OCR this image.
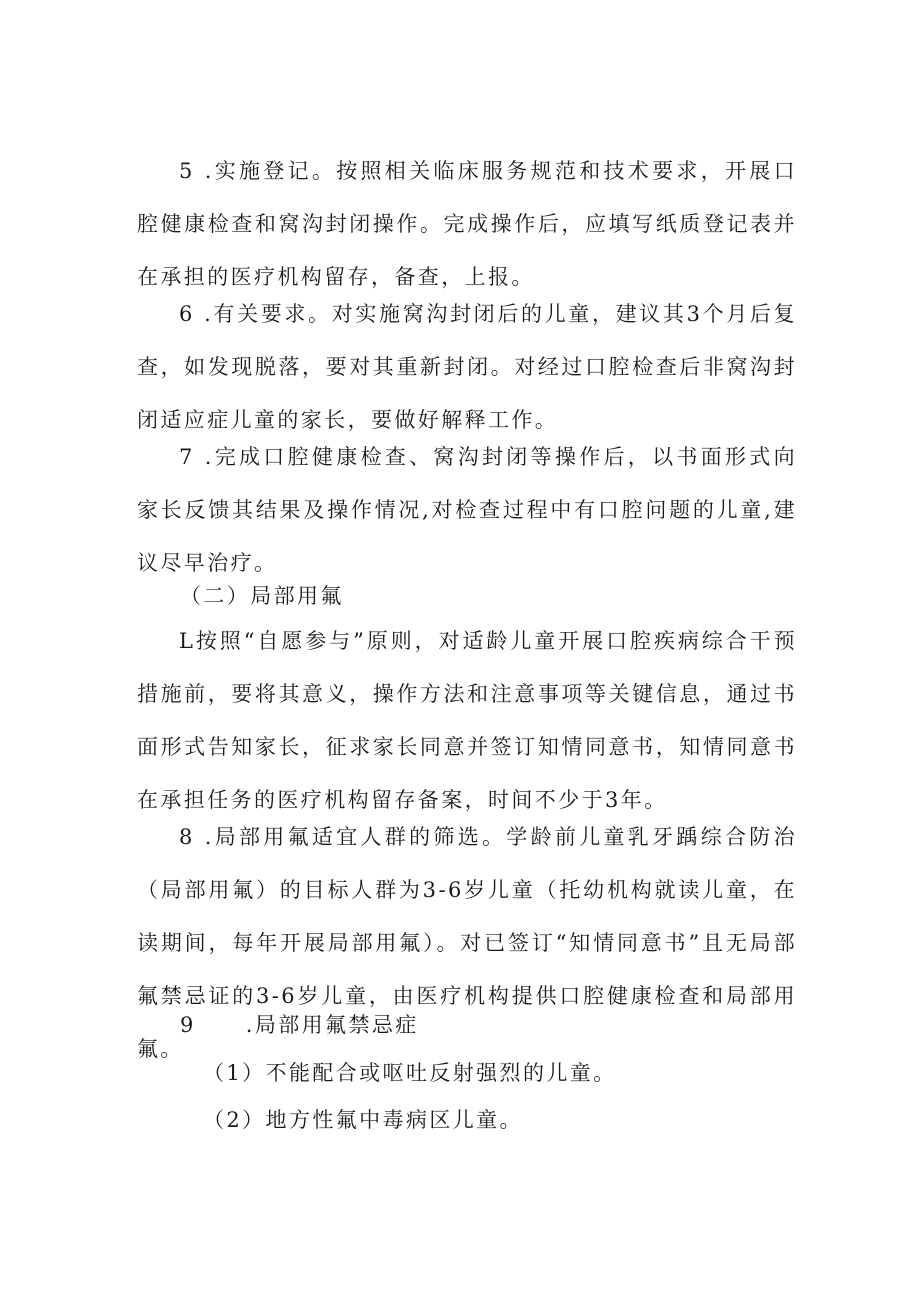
5 .实施登记。按照相关临床服务规范和技术要求，开展口腔健康检查和窝沟封闭操作。完成操作后，应填写纸质登记表并在承担的医疗机构留存，备查，上报。

6 .有关要求。对实施窝沟封闭后的儿童，建议其3个月后复查，如发现脱落，要对其重新封闭。对经过口腔检查后非窝沟封闭适应症儿童的家长，要做好解释工作。

7 .完成口腔健康检查、窝沟封闭等操作后，以书面形式向家长反馈其结果及操作情况,对检查过程中有口腔问题的儿童,建议尽早治疗。

（二）局部用氟

L按照“自愿参与”原则，对适龄儿童开展口腔疾病综合干预措施前，要将其意义，操作方法和注意事项等关键信息，通过书面形式告知家长，征求家长同意并签订知情同意书，知情同意书在承担任务的医疗机构留存备案，时间不少于3年。

8 .局部用氟适宜人群的筛选。学龄前儿童乳牙踽综合防治（局部用氟）的目标人群为3-6岁儿童（托幼机构就读儿童，在读期间，每年开展局部用氟）。对已签订“知情同意书”且无局部氟禁忌证的3-6岁儿童，由医疗机构提供口腔健康检查和局部用氟。

9 .局部用氟禁忌症

（1）不能配合或呕吐反射强烈的儿童。

（2）地方性氟中毒病区儿童。
